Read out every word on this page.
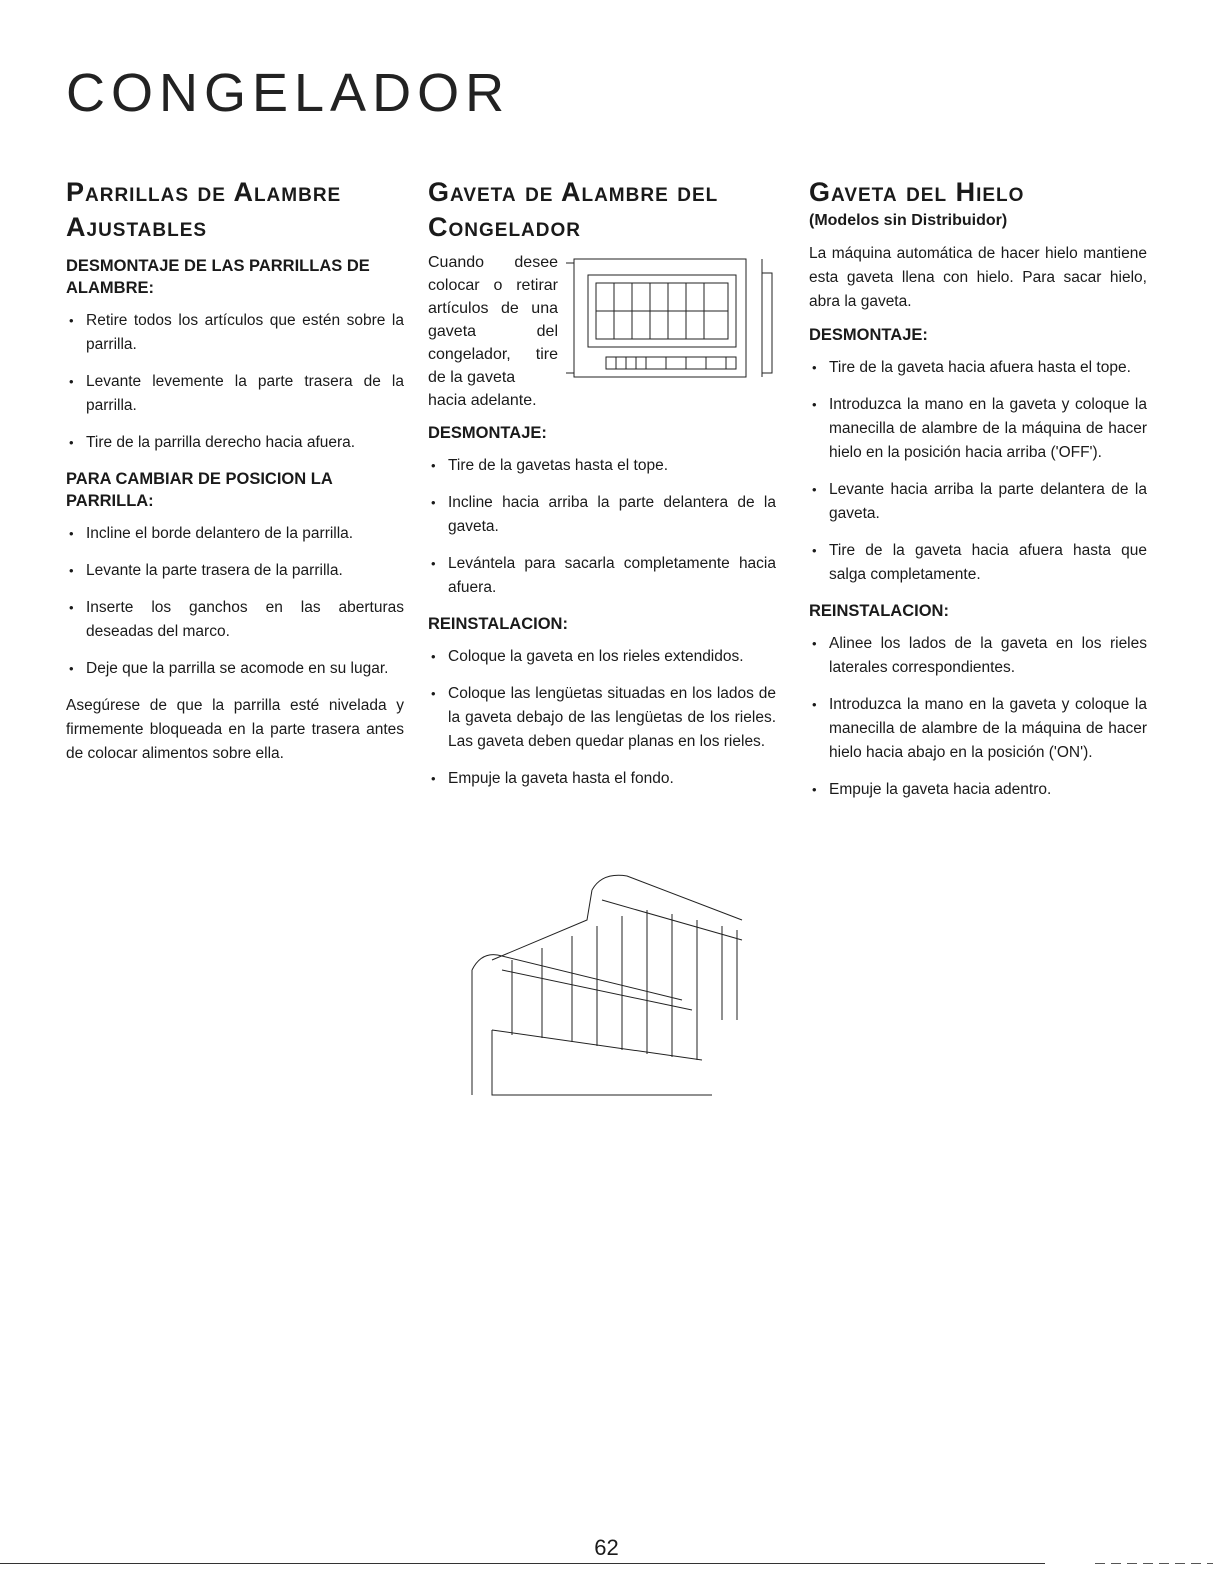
CONGELADOR
Parrillas de Alambre Ajustables
DESMONTAJE DE LAS PARRILLAS DE ALAMBRE:
• Retire todos los artículos que estén sobre la parrilla.
• Levante levemente la parte trasera de la parrilla.
• Tire de la parrilla derecho hacia afuera.
PARA CAMBIAR DE POSICION LA PARRILLA:
• Incline el borde delantero de la parrilla.
• Levante la parte trasera de la parrilla.
• Inserte los ganchos en las aberturas deseadas del marco.
• Deje que la parrilla se acomode en su lugar.

Asegúrese de que la parrilla esté nivelada y firmemente bloqueada en la parte trasera antes de colocar alimentos sobre ella.

Gaveta de Alambre del Congelador

Cuando desee colocar o retirar artículos de una gaveta del congelador, tire de la gaveta

hacia adelante.

DESMONTAJE:
• Tire de la gavetas hasta el tope.
• Incline hacia arriba la parte delantera de la gaveta.
• Levántela para sacarla completamente hacia afuera.
REINSTALACION:
• Coloque la gaveta en los rieles extendidos.
• Coloque las lengüetas situadas en los lados de la gaveta debajo de las lengüetas de los rieles. Las gaveta deben quedar planas en los rieles.
• Empuje la gaveta hasta el fondo.
Gaveta del Hielo
(Modelos sin Distribuidor)

La máquina automática de hacer hielo mantiene esta gaveta llena con hielo. Para sacar hielo, abra la gaveta.

DESMONTAJE:
• Tire de la gaveta hacia afuera hasta el tope.
• Introduzca la mano en la gaveta y coloque la manecilla de alambre de la máquina de hacer hielo en la posición hacia arriba ('OFF').
• Levante hacia arriba la parte delantera de la gaveta.
• Tire de la gaveta hacia afuera hasta que salga completamente.
REINSTALACION:
• Alinee los lados de la gaveta en los rieles laterales correspondientes.
• Introduzca la mano en la gaveta y coloque la manecilla de alambre de la máquina de hacer hielo hacia abajo en la posición ('ON').
• Empuje la gaveta hacia adentro.
62
